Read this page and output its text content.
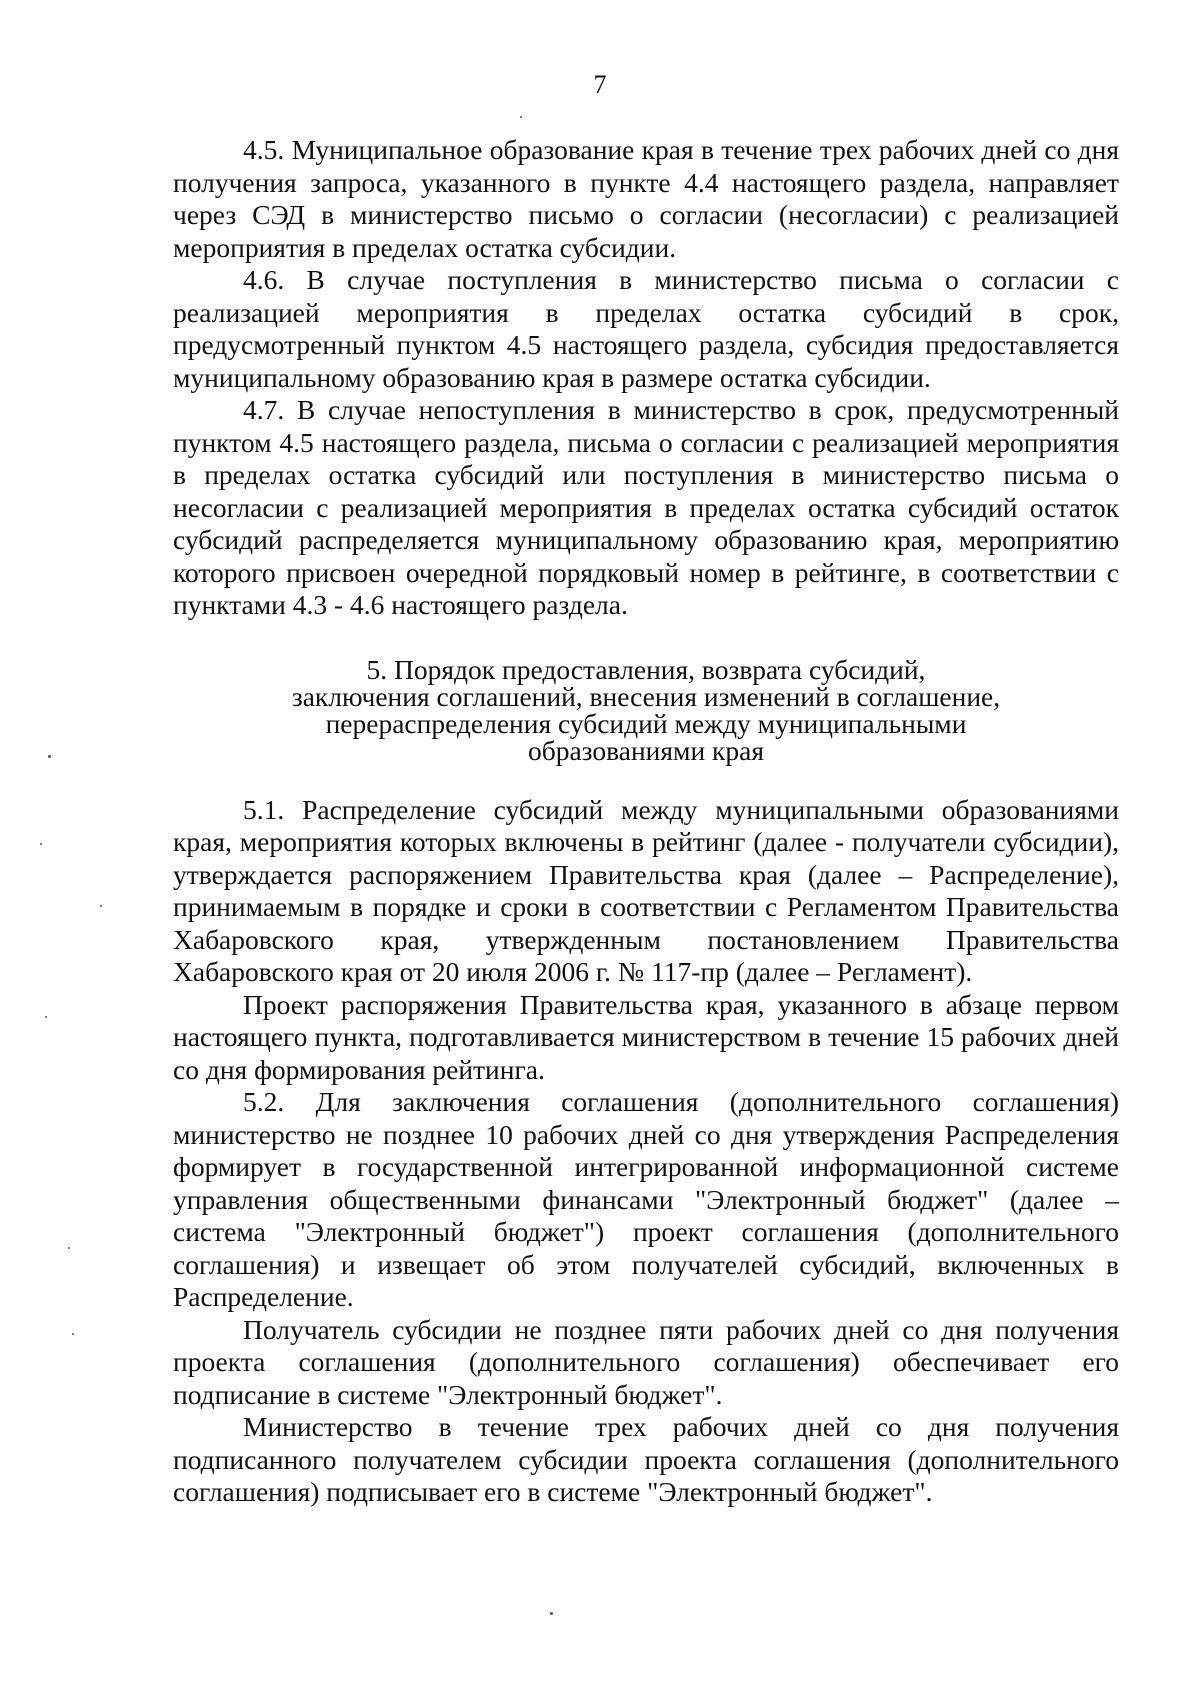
7

4.5. Муниципальное образование края в течение трех рабочих дней со дня получения запроса, указанного в пункте 4.4 настоящего раздела, направляет через СЭД в министерство письмо о согласии (несогласии) с реализацией мероприятия в пределах остатка субсидии.

4.6. В случае поступления в министерство письма о согласии с реализацией мероприятия в пределах остатка субсидий в срок, предусмотренный пунктом 4.5 настоящего раздела, субсидия предоставляется муниципальному образованию края в размере остатка субсидии.

4.7. В случае непоступления в министерство в срок, предусмотренный пунктом 4.5 настоящего раздела, письма о согласии с реализацией мероприятия в пределах остатка субсидий или поступления в министерство письма о несогласии с реализацией мероприятия в пределах остатка субсидий остаток субсидий распределяется муниципальному образованию края, мероприятию которого присвоен очередной порядковый номер в рейтинге, в соответствии с пунктами 4.3 - 4.6 настоящего раздела.

5. Порядок предоставления, возврата субсидий,
заключения соглашений, внесения изменений в соглашение,
перераспределения субсидий между муниципальными
образованиями края

5.1. Распределение субсидий между муниципальными образованиями края, мероприятия которых включены в рейтинг (далее - получатели субсидии), утверждается распоряжением Правительства края (далее – Распределение), принимаемым в порядке и сроки в соответствии с Регламентом Правительства Хабаровского края, утвержденным постановлением Правительства Хабаровского края от 20 июля 2006 г. № 117-пр (далее – Регламент).

Проект распоряжения Правительства края, указанного в абзаце первом настоящего пункта, подготавливается министерством в течение 15 рабочих дней со дня формирования рейтинга.

5.2. Для заключения соглашения (дополнительного соглашения) министерство не позднее 10 рабочих дней со дня утверждения Распределения формирует в государственной интегрированной информационной системе управления общественными финансами "Электронный бюджет" (далее – система "Электронный бюджет") проект соглашения (дополнительного соглашения) и извещает об этом получателей субсидий, включенных в Распределение.

Получатель субсидии не позднее пяти рабочих дней со дня получения проекта соглашения (дополнительного соглашения) обеспечивает его подписание в системе "Электронный бюджет".

Министерство в течение трех рабочих дней со дня получения подписанного получателем субсидии проекта соглашения (дополнительного соглашения) подписывает его в системе "Электронный бюджет".
